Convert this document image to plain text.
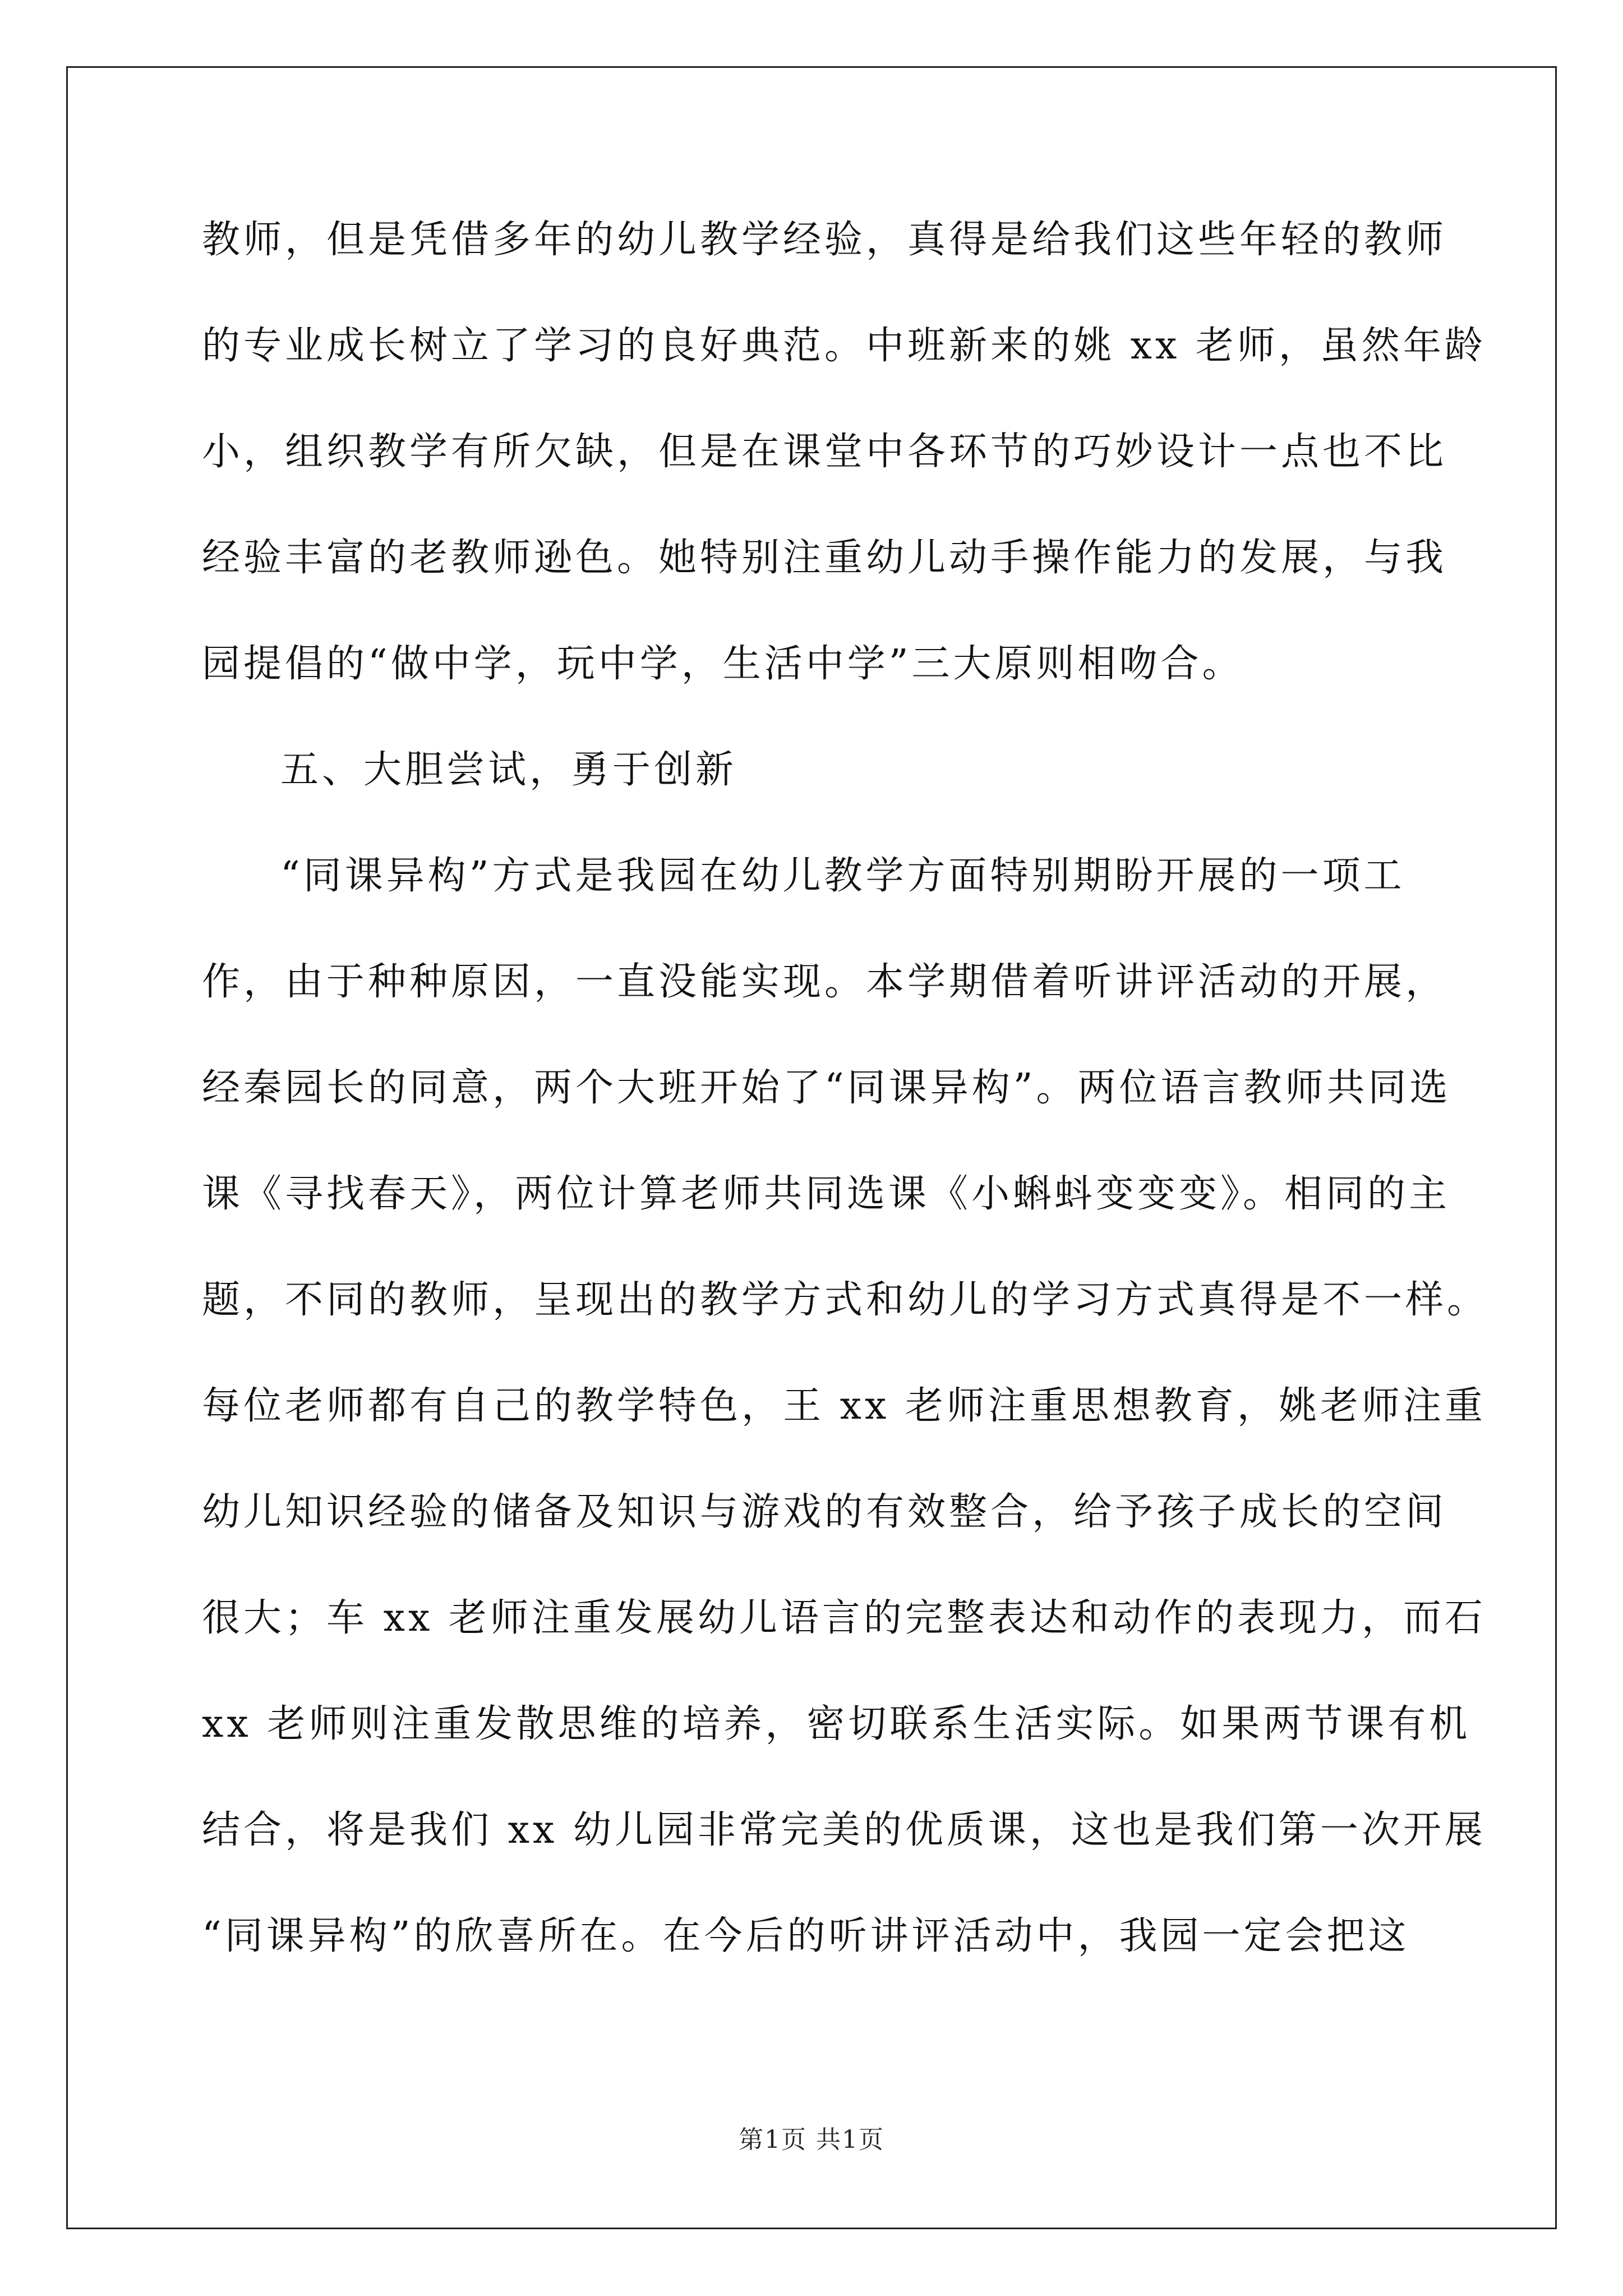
教师，但是凭借多年的幼儿教学经验，真得是给我们这些年轻的教师
的专业成长树立了学习的良好典范。中班新来的姚 xx 老师，虽然年龄
小，组织教学有所欠缺，但是在课堂中各环节的巧妙设计一点也不比
经验丰富的老教师逊色。她特别注重幼儿动手操作能力的发展，与我
园提倡的“做中学，玩中学，生活中学”三大原则相吻合。
五、大胆尝试，勇于创新
“同课异构”方式是我园在幼儿教学方面特别期盼开展的一项工
作，由于种种原因，一直没能实现。本学期借着听讲评活动的开展，
经秦园长的同意，两个大班开始了“同课异构”。两位语言教师共同选
课《寻找春天》，两位计算老师共同选课《小蝌蚪变变变》。相同的主
题，不同的教师，呈现出的教学方式和幼儿的学习方式真得是不一样。
每位老师都有自己的教学特色，王 xx 老师注重思想教育，姚老师注重
幼儿知识经验的储备及知识与游戏的有效整合，给予孩子成长的空间
很大；车 xx 老师注重发展幼儿语言的完整表达和动作的表现力，而石
xx 老师则注重发散思维的培养，密切联系生活实际。如果两节课有机
结合，将是我们 xx 幼儿园非常完美的优质课，这也是我们第一次开展
“同课异构”的欣喜所在。在今后的听讲评活动中，我园一定会把这
第1页 共1页
